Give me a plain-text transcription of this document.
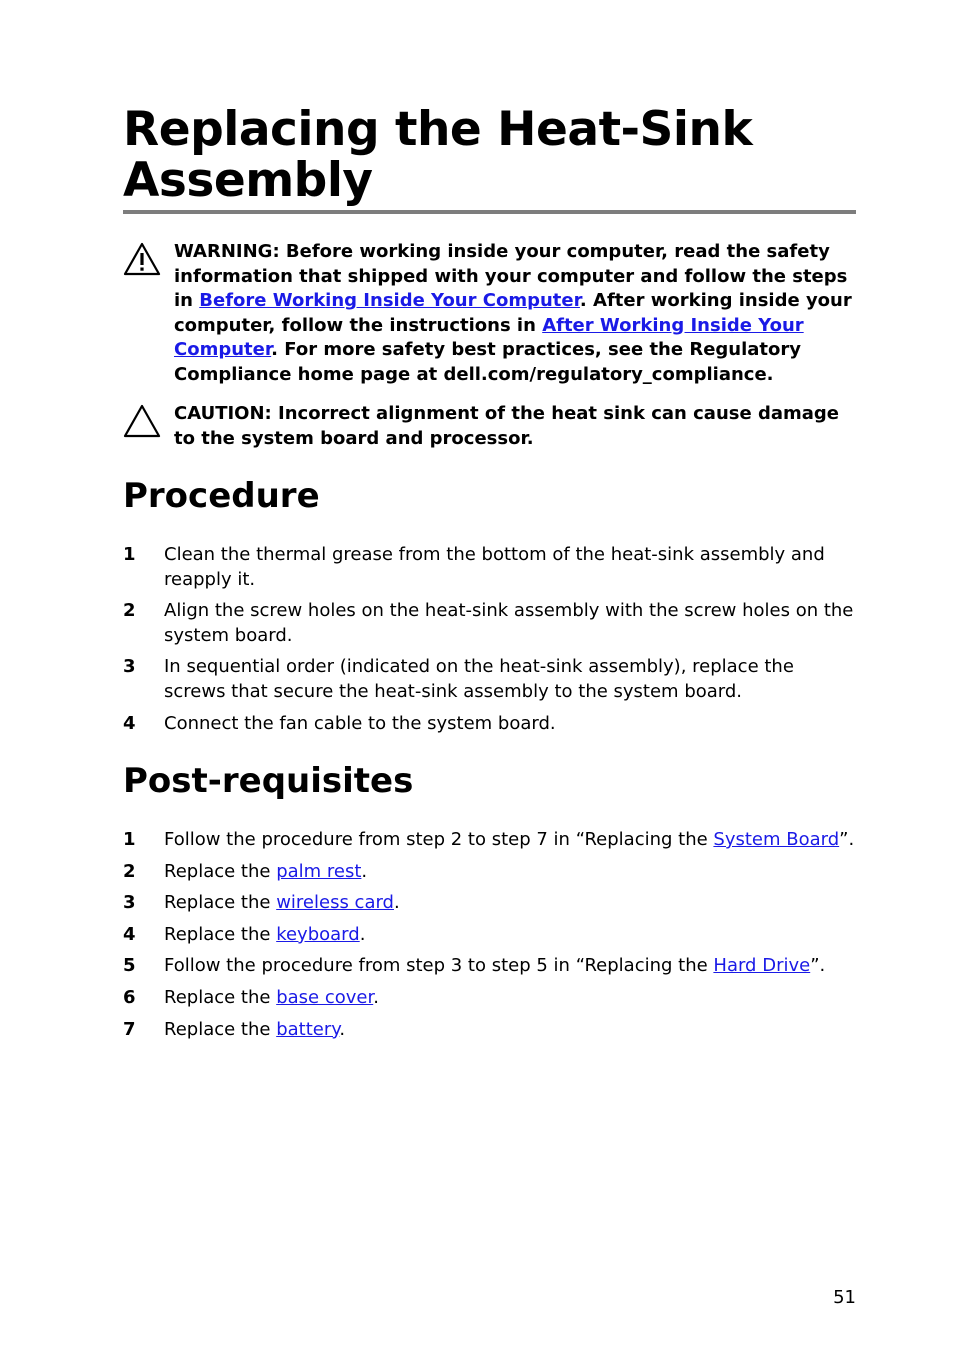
Replacing the Heat-Sink Assembly
WARNING: Before working inside your computer, read the safety information that shipped with your computer and follow the steps in Before Working Inside Your Computer. After working inside your computer, follow the instructions in After Working Inside Your Computer. For more safety best practices, see the Regulatory Compliance home page at dell.com/regulatory_compliance.
CAUTION: Incorrect alignment of the heat sink can cause damage to the system board and processor.
Procedure
1 Clean the thermal grease from the bottom of the heat-sink assembly and reapply it.
2 Align the screw holes on the heat-sink assembly with the screw holes on the system board.
3 In sequential order (indicated on the heat-sink assembly), replace the screws that secure the heat-sink assembly to the system board.
4 Connect the fan cable to the system board.
Post-requisites
1 Follow the procedure from step 2 to step 7 in “Replacing the System Board”.
2 Replace the palm rest.
3 Replace the wireless card.
4 Replace the keyboard.
5 Follow the procedure from step 3 to step 5 in “Replacing the Hard Drive”.
6 Replace the base cover.
7 Replace the battery.
51
